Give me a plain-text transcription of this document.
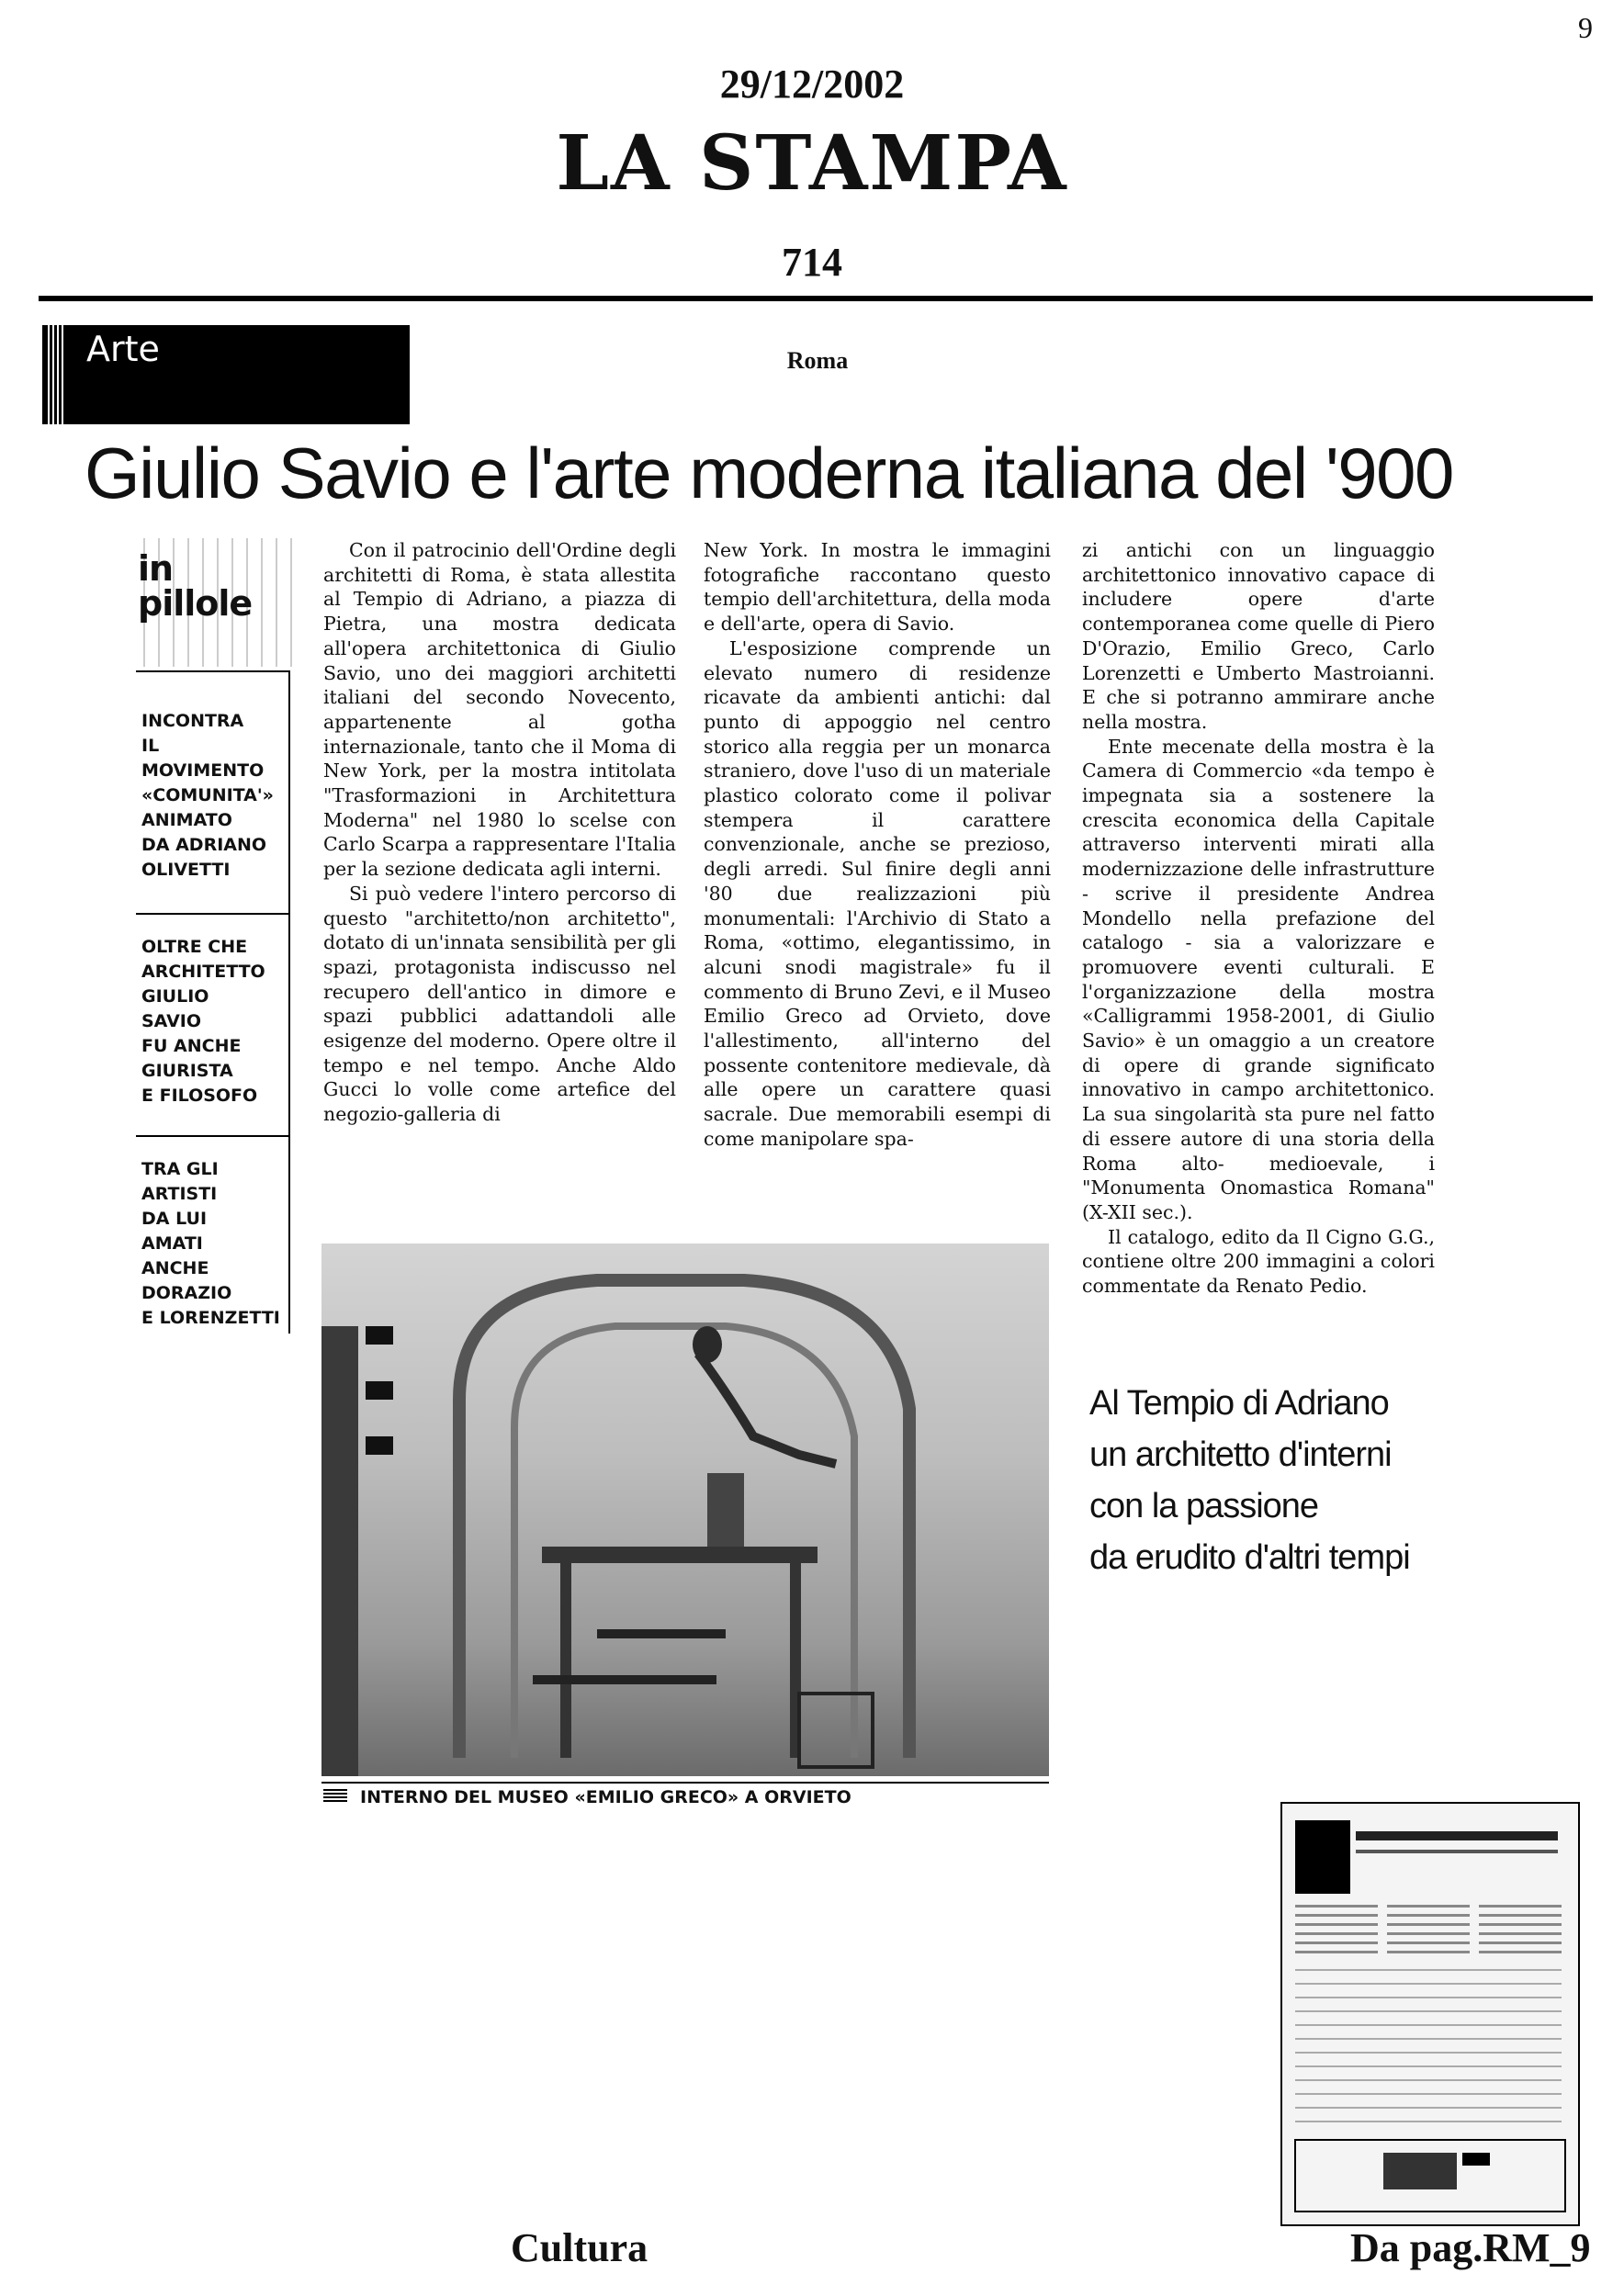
9
29/12/2002
LA STAMPA
714
Arte	Roma
Giulio Savio e l'arte moderna italiana del '900
in
pillole
INCONTRA
IL
MOVIMENTO
«COMUNITA'»
ANIMATO
DA ADRIANO
OLIVETTI
OLTRE CHE
ARCHITETTO
GIULIO
SAVIO
FU ANCHE
GIURISTA
E FILOSOFO
TRA GLI
ARTISTI
DA LUI
AMATI
ANCHE
DORAZIO
E LORENZETTI

Con il patrocinio dell'Ordine degli architetti di Roma, è stata allestita al Tempio di Adriano, a piazza di Pietra, una mostra dedicata all'opera architettonica di Giulio Savio, uno dei maggiori architetti italiani del secondo Novecento, appartenente al gotha internazionale, tanto che il Moma di New York, per la mostra intitolata "Trasformazioni in Architettura Moderna" nel 1980 lo scelse con Carlo Scarpa a rappresentare l'Italia per la sezione dedicata agli interni.

Si può vedere l'intero percorso di questo "architetto/non architetto", dotato di un'innata sensibilità per gli spazi, protagonista indiscusso nel recupero dell'antico in dimore e spazi pubblici adattandoli alle esigenze del moderno. Opere oltre il tempo e nel tempo. Anche Aldo Gucci lo volle come artefice del negozio-galleria di

New York. In mostra le immagini fotografiche raccontano questo tempio dell'architettura, della moda e dell'arte, opera di Savio.

L'esposizione comprende un elevato numero di residenze ricavate da ambienti antichi: dal punto di appoggio nel centro storico alla reggia per un monarca straniero, dove l'uso di un materiale plastico colorato come il polivar stempera il carattere convenzionale, anche se prezioso, degli arredi. Sul finire degli anni '80 due realizzazioni più monumentali: l'Archivio di Stato a Roma, «ottimo, elegantissimo, in alcuni snodi magistrale» fu il commento di Bruno Zevi, e il Museo Emilio Greco ad Orvieto, dove l'allestimento, all'interno del possente contenitore medievale, dà alle opere un carattere quasi sacrale. Due memorabili esempi di come manipolare spa-

zi antichi con un linguaggio architettonico innovativo capace di includere opere d'arte contemporanea come quelle di Piero D'Orazio, Emilio Greco, Carlo Lorenzetti e Umberto Mastroianni. E che si potranno ammirare anche nella mostra.

Ente mecenate della mostra è la Camera di Commercio «da tempo è impegnata sia a sostenere la crescita economica della Capitale attraverso interventi mirati alla modernizzazione delle infrastrutture - scrive il presidente Andrea Mondello nella prefazione del catalogo - sia a valorizzare e promuovere eventi culturali. E l'organizzazione della mostra «Calligrammi 1958-2001, di Giulio Savio» è un omaggio a un creatore di opere di grande significato innovativo in campo architettonico. La sua singolarità sta pure nel fatto di essere autore di una storia della Roma alto- medioevale, i "Monumenta Onomastica Romana" (X-XII sec.).

Il catalogo, edito da Il Cigno G.G., contiene oltre 200 immagini a colori commentate da Renato Pedio.

INTERNO DEL MUSEO «EMILIO GRECO» A ORVIETO
Al Tempio di Adriano
un architetto d'interni
con la passione
da erudito d'altri tempi
Cultura	Da pag.RM_9
